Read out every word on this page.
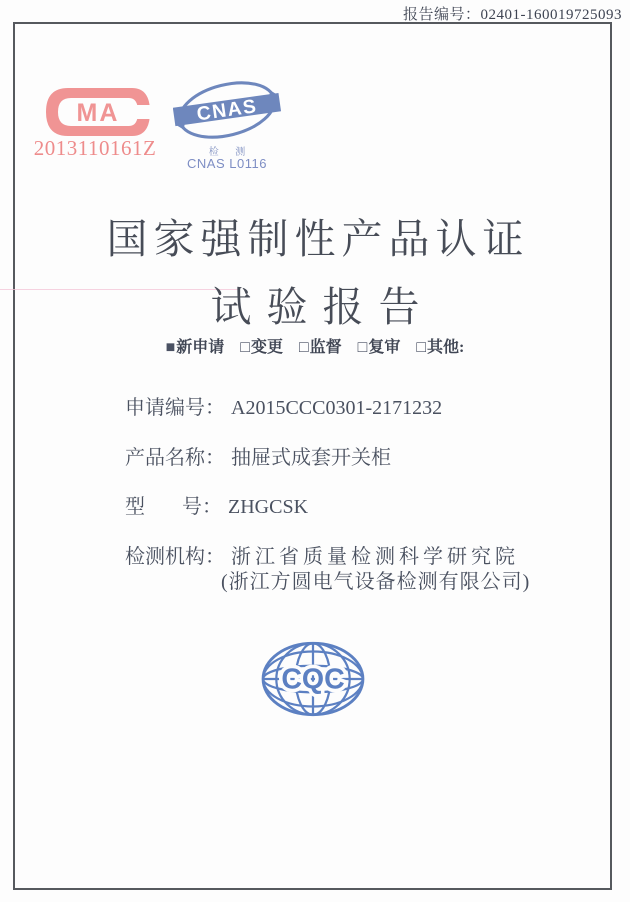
报告编号：02401-160019725093
MA
2013110161Z
CNAS
检 测
CNAS L0116
国家强制性产品认证
试验报告
■新申请 □变更 □监督 □复审 □其他:
申请编号： A2015CCC0301-2171232
产品名称： 抽屉式成套开关柜
型 号： ZHGCSK
检测机构： 浙江省质量检测科学研究院
(浙江方圆电气设备检测有限公司)
CQC
